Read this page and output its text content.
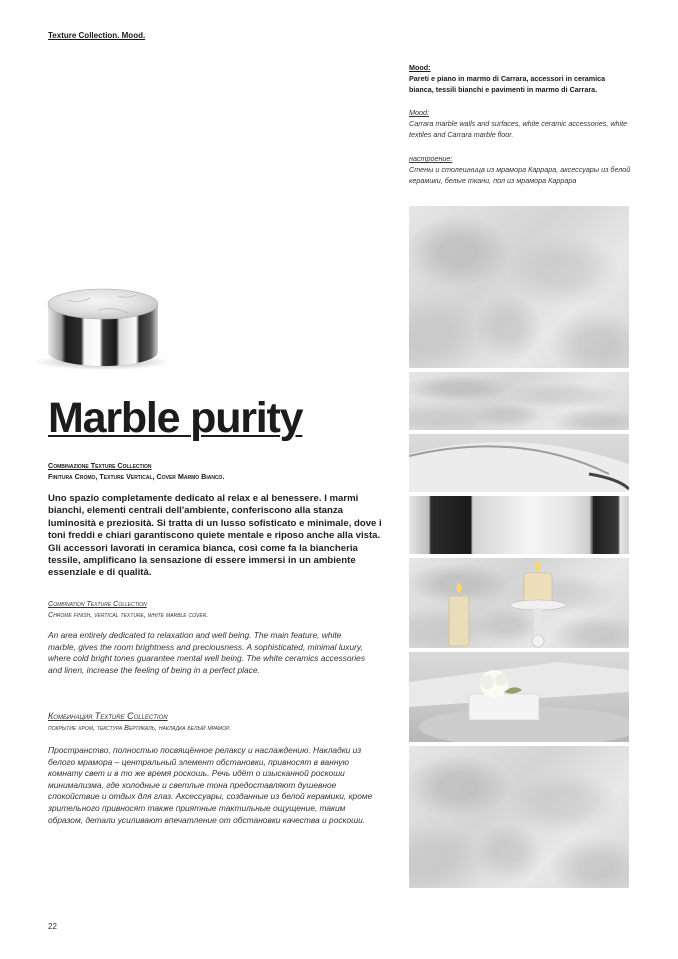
Texture Collection. Mood.
Mood:
Pareti e piano in marmo di Carrara, accessori in ceramica bianca, tessili bianchi e pavimenti in marmo di Carrara.
Mood:
Carrara marble walls and surfaces, white ceramic accessories, white textiles and Carrara marble floor.
настроение:
Стены и столешница из мрамора Каррара, аксессуары из белой керамики, белые ткани, пол из мрамора Каррара
Marble purity
Combinazione Texture Collection
Finitura Cromo, Texture Vertical, Cover Marmo Bianco.
Uno spazio completamente dedicato al relax e al benessere. I marmi bianchi, elementi centrali dell'ambiente, conferiscono alla stanza luminosità e preziosità. Si tratta di un lusso sofisticato e minimale, dove i toni freddi e chiari garantiscono quiete mentale e riposo anche alla vista. Gli accessori lavorati in ceramica bianca, così come fa la biancheria tessile, amplificano la sensazione di essere immersi in un ambiente essenziale e di qualità.
Combination Texture Collection
Chrome finish, vertical texture, white marble cover.
An area entirely dedicated to relaxation and well being. The main feature, white marble, gives the room brightness and preciousness. A sophisticated, minimal luxury, where cold bright tones guarantee mental well being. The white ceramics accessories and linen, increase the feeling of being in a perfect place.
Комбинация Texture Collection
покрытие хром, текстура Вертикаль, накладка белый мрамор.
Пространство, полностью посвящённое релаксу и наслаждению. Накладки из белого мрамора – центральный элемент обстановки, привносят в ванную комнату свет и в то же время роскошь. Речь идёт о изысканной роскоши минимализма, где холодные и светлые тона предоставляют душевное спокойствие и отдых для глаз. Аксессуары, созданные из белой керамики, кроме зрительного привносят также приятные тактильные ощущение, таким образом, детали усиливают впечатление от обстановки качества и роскоши.
22
